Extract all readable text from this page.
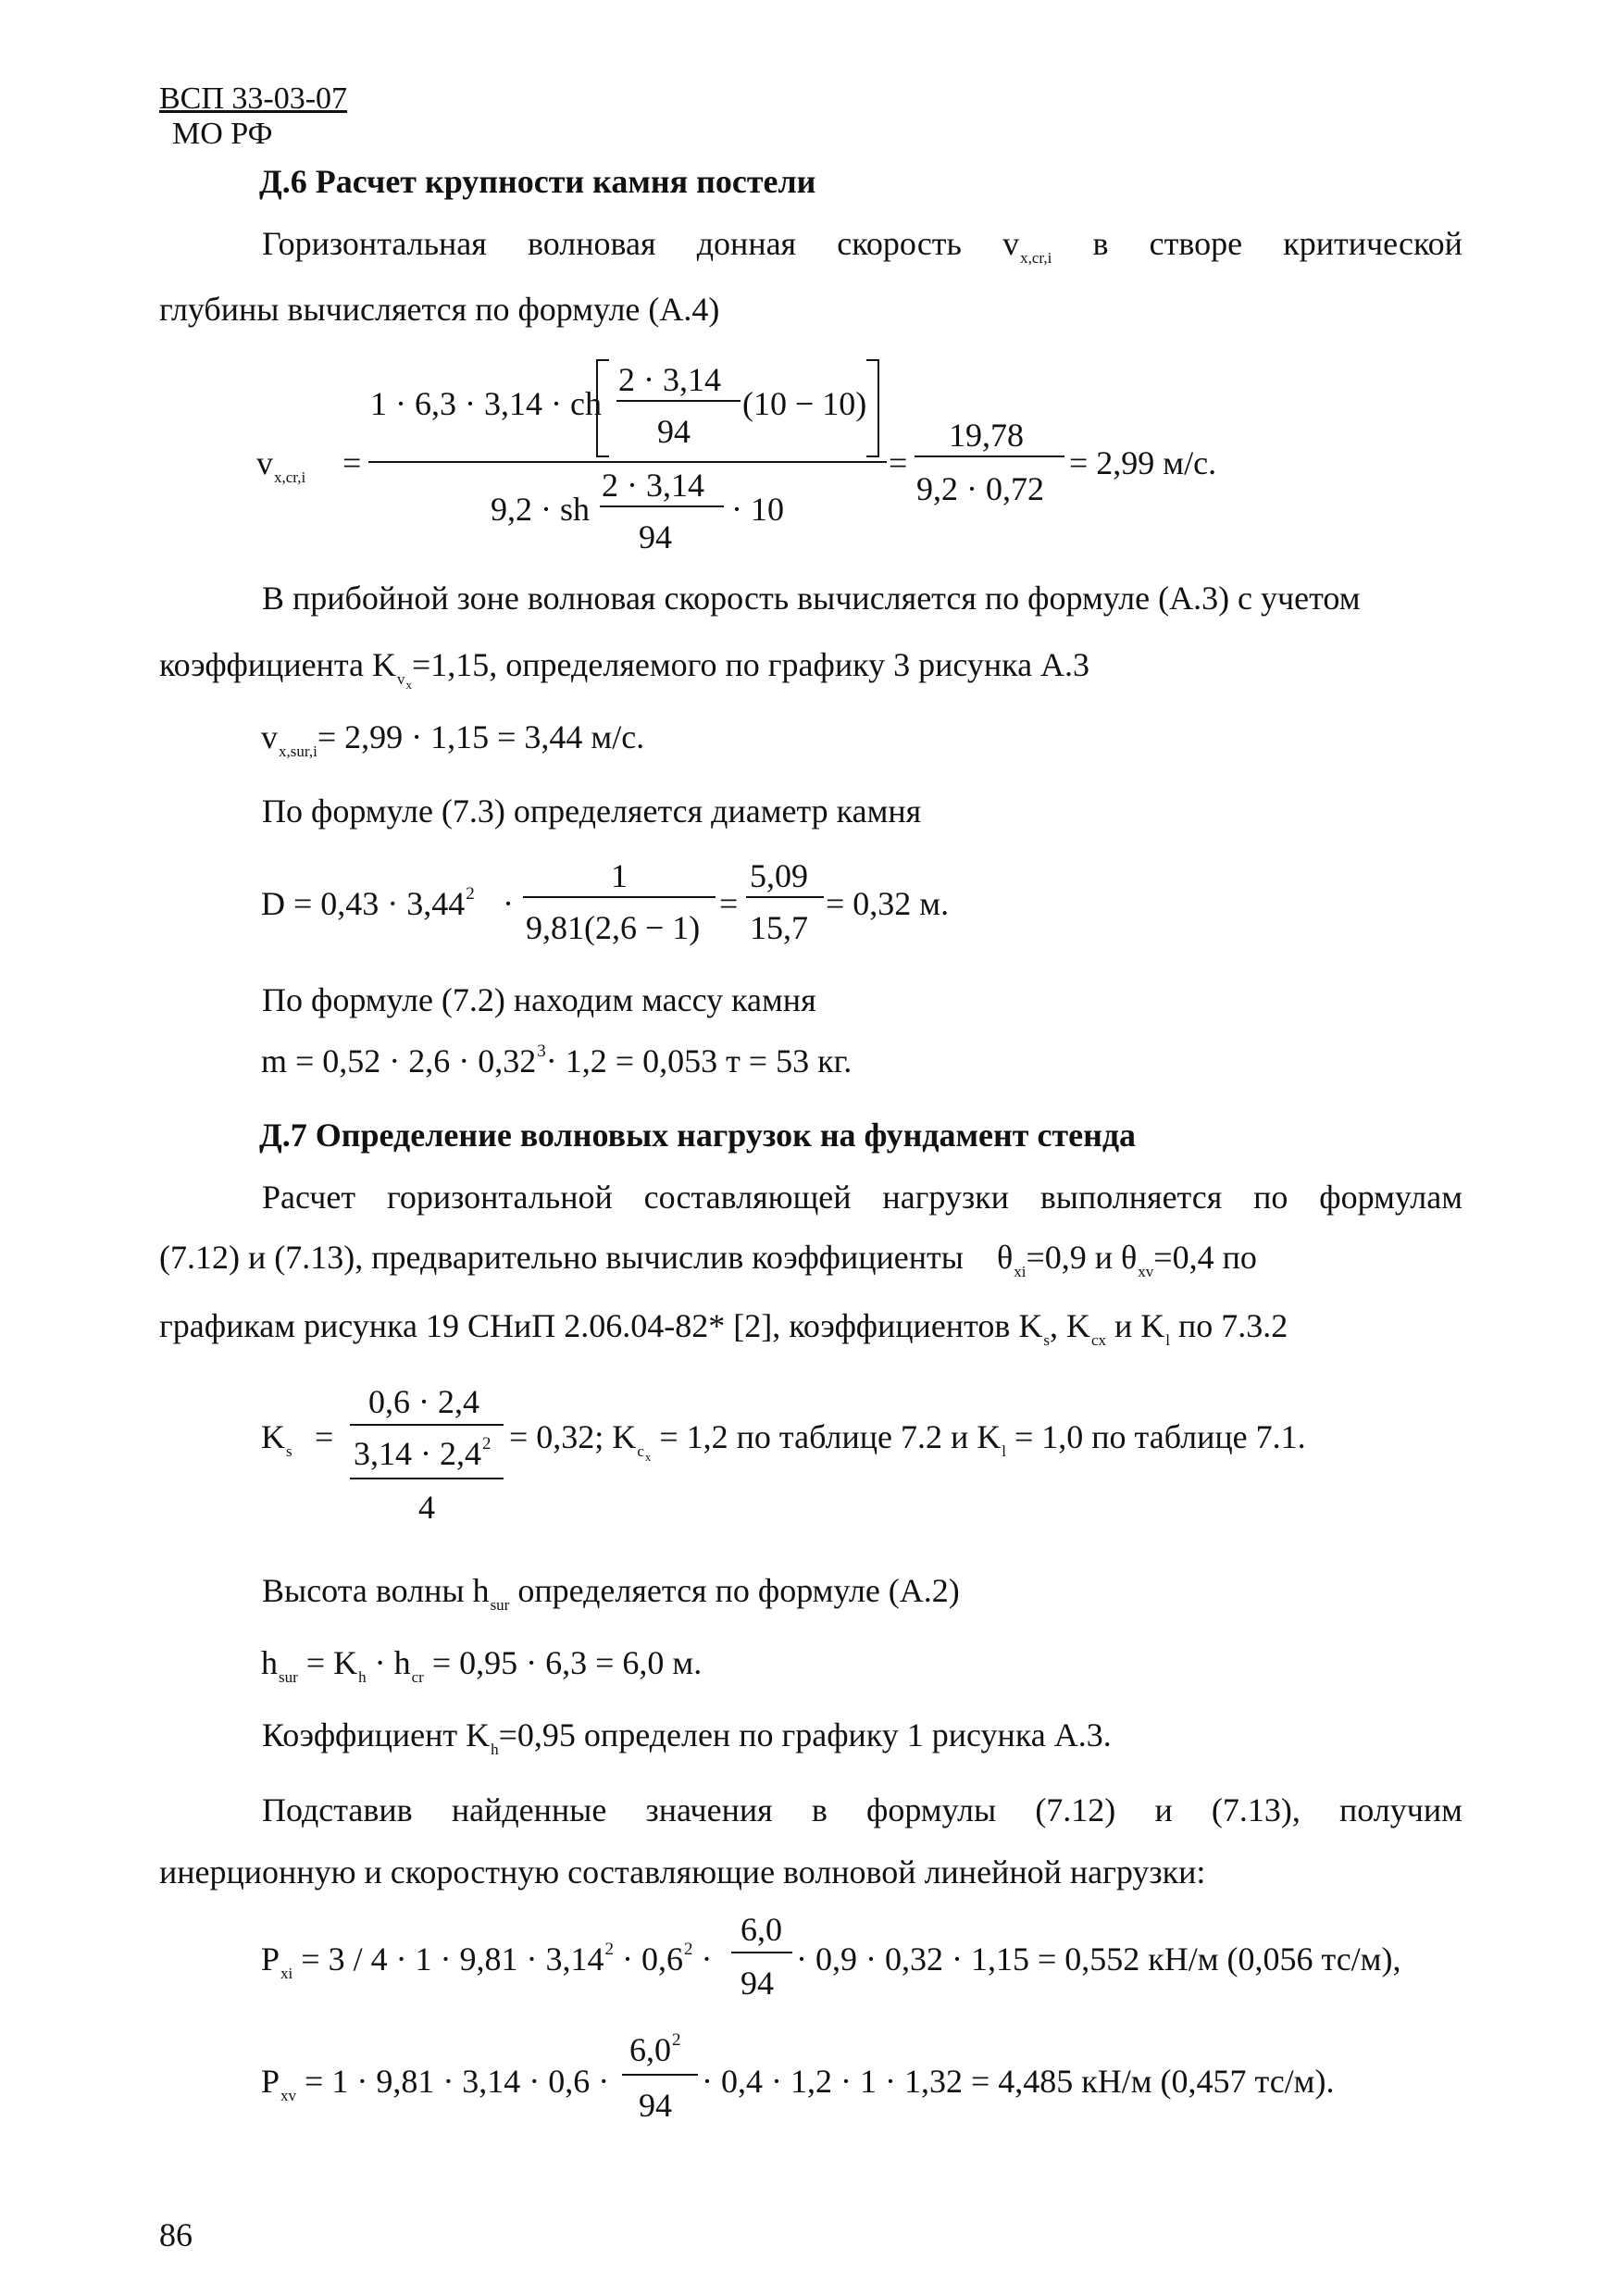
ВСП 33-03-07
МО РФ
Д.6 Расчет крупности камня постели
Горизонтальная волновая донная скорость $v_{x,cr,i}$ в створе критической
глубины вычисляется по формуле (А.4)
$v_{x,cr,i}$ =
1 · 6,3 · 3,14 · ch
2 · 3,14
94
(10 − 10)
9,2 · sh
2 · 3,14
94
· 10
=
19,78
9,2 · 0,72
= 2,99 м/с.
В прибойной зоне волновая скорость вычисляется по формуле (А.3) с учетом
коэффициента $K_{vx}=1,15$, определяемого по графику 3 рисунка А.3
$v_{x,sur,i}= 2,99 \cdot 1,15 = 3,44$ м/с.
По формуле (7.3) определяется диаметр камня
$D = 0,43 \cdot 3,44^2$ ·
1
9,81(2,6 − 1)
=
5,09
15,7
= 0,32 м.
По формуле (7.2) находим массу камня
$m = 0,52 \cdot 2,6 \cdot 0,32^3\cdot 1,2 = 0,053$ т = 53 кг.
Д.7 Определение волновых нагрузок на фундамент стенда
Расчет горизонтальной составляющей нагрузки выполняется по формулам
(7.12) и (7.13), предварительно вычислив коэффициенты $\theta_{xi}=0,9$ и $\theta_{xv}=0,4$ по
графикам рисунка 19 СНиП 2.06.04-82* [2], коэффициентов $K_s$, $K_{cx}$ и $K_l$ по 7.3.2
$K_s$ =
0,6 · 2,4
$3,14 \cdot 2,4^2$
4
= 0,32; $K_{cx} = 1,2$ по таблице 7.2 и $K_l = 1,0$ по таблице 7.1.
Высота волны $h_{sur}$ определяется по формуле (А.2)
$h_{sur} = K_h \cdot h_{cr} = 0,95 \cdot 6,3 = 6,0$ м.
Коэффициент $K_h=0,95$ определен по графику 1 рисунка А.3.
Подставив найденные значения в формулы (7.12) и (7.13), получим
инерционную и скоростную составляющие волновой линейной нагрузки:
$P_{xi} = 3 / 4 \cdot 1 \cdot 9,81 \cdot 3,14^2 \cdot 0,6^2$ ·
6,0
94
· 0,9 · 0,32 · 1,15 = 0,552 кН/м (0,056 тс/м),
$P_{xv} = 1 \cdot 9,81 \cdot 3,14 \cdot 0,6$ ·
$6,0^2$
94
· 0,4 · 1,2 · 1 · 1,32 = 4,485 кН/м (0,457 тс/м).
86
